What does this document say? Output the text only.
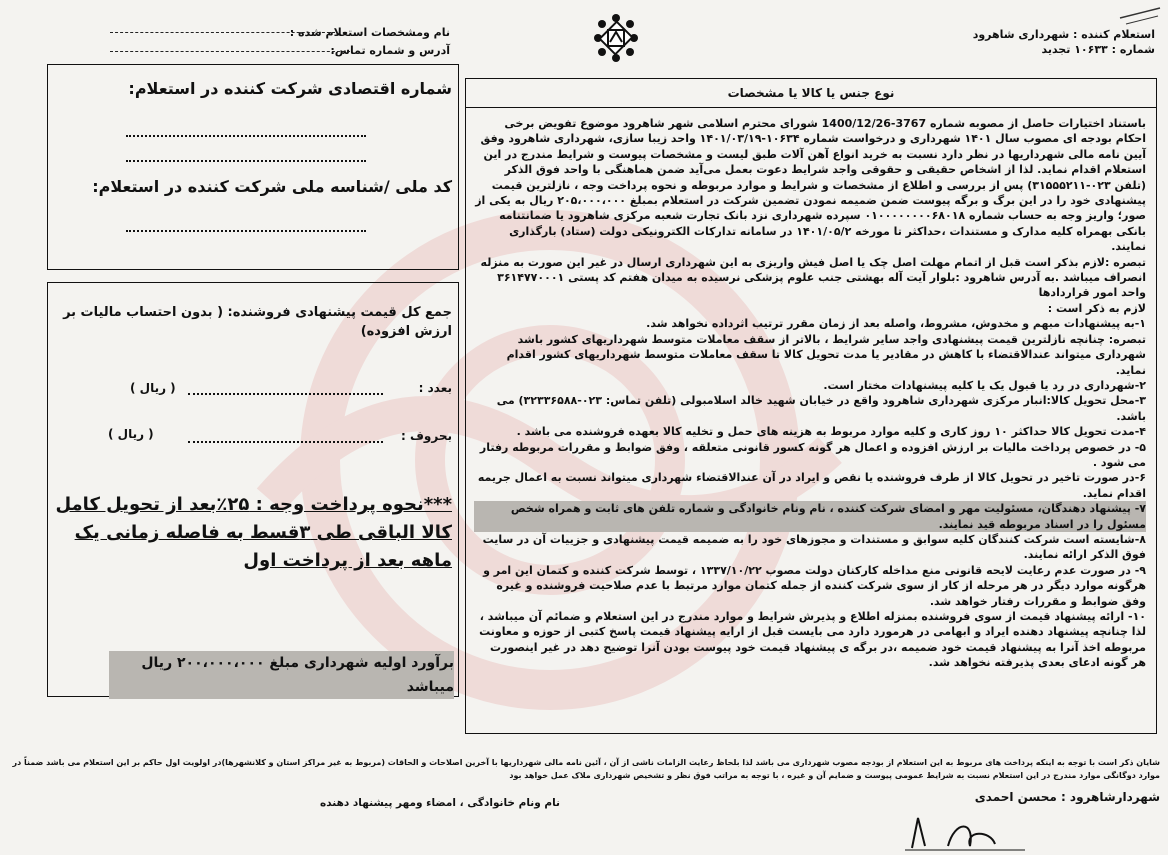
نام ومشخصات استعلام شده :
آدرس و شماره تماس:
استعلام کننده : شهرداری شاهرود
شماره : ۱۰۶۳۳ تجدید
نوع جنس یا کالا یا مشخصات

باستناد اختیارات حاصل از مصوبه شماره 3767-1400/12/26 شورای محترم اسلامی شهر شاهرود موضوع تفویض برخی احکام بودجه ای مصوب سال ۱۴۰۱ شهرداری و درخواست شماره ۱۰۶۳۴-۱۴۰۱/۰۳/۱۹ واحد زیبا سازی، شهرداری شاهرود وفق آیین نامه مالی شهرداریها در نظر دارد نسبت به خرید انواع آهن آلات طبق لیست و مشخصات پیوست و شرایط مندرج در این استعلام اقدام نماید. لذا از اشخاص حقیقی و حقوقی واجد شرایط دعوت بعمل می‌آید ضمن هماهنگی با واحد فوق الذکر (تلفن ۰۲۳-۳۱۵۵۵۲۱۱) پس از بررسی و اطلاع از مشخصات و شرایط و موارد مربوطه و نحوه پرداخت وجه ، نازلترین قیمت پیشنهادی خود را در این برگ و برگه پیوست ضمن ضمیمه نمودن تضمین شرکت در استعلام بمبلغ ۲۰۵،۰۰۰،۰۰۰ ریال به یکی از صور؛ واریز وجه به حساب شماره ۰۱۰۰۰۰۰۰۰۰۶۸۰۱۸ سپرده شهرداری نزد بانک تجارت شعبه مرکزی شاهرود یا ضمانتنامه بانکی بهمراه کلیه مدارک و مستندات ،حداکثر تا مورخه ۱۴۰۱/۰۵/۲ در سامانه تدارکات الکترونیکی دولت (ستاد) بارگذاری نمایند.

تبصره :لازم بذکر است قبل از اتمام مهلت اصل چک یا اصل فیش واریزی به این شهرداری ارسال در غیر این صورت به منزله انصراف میباشد .به آدرس شاهرود :بلوار آیت آله بهشتی جنب علوم پزشکی نرسیده به میدان هفتم کد پستی ۳۶۱۴۷۷۰۰۰۱ واحد امور قراردادها

لازم به ذکر است :

۱-به پیشنهادات مبهم و مخدوش، مشروط، واصله بعد از زمان مقرر ترتیب اثرداده نخواهد شد.

تبصره: چنانچه نازلترین قیمت پیشنهادی واجد سایر شرایط ، بالاتر از سقف معاملات متوسط شهرداریهای کشور باشد شهرداری میتواند عندالاقتضاء با کاهش در مقادیر یا مدت تحویل کالا تا سقف معاملات متوسط شهرداریهای کشور اقدام نماید.

۲-شهرداری در رد یا قبول یک یا کلیه پیشنهادات مختار است.

۳-محل تحویل کالا:انبار مرکزی شهرداری شاهرود واقع در خیابان شهید خالد اسلامبولی (تلفن تماس: ۰۲۳-۳۲۳۳۶۵۸۸) می باشد.

۴-مدت تحویل کالا حداکثر ۱۰ روز کاری و کلیه موارد مربوط به هزینه های حمل و تخلیه کالا بعهده فروشنده می باشد .

۵- در خصوص پرداخت مالیات بر ارزش افزوده و اعمال هر گونه کسور قانونی متعلقه ، وفق ضوابط و مقررات مربوطه رفتار می شود .

۶-در صورت تاخیر در تحویل کالا از طرف فروشنده یا نقص و ایراد در آن عندالاقتضاء شهرداری میتواند نسبت به اعمال جریمه اقدام نماید.

۷- پیشنهاد دهندگان، مسئولیت مهر و امضای شرکت کننده ، نام ونام خانوادگی و شماره تلفن های ثابت و همراه شخص مسئول را در اسناد مربوطه قید نمایند.

۸-شایسته است شرکت کنندگان کلیه سوابق و مستندات و مجوزهای خود را به ضمیمه قیمت پیشنهادی و جزییات آن در سایت فوق الذکر ارائه نمایند.

۹- در صورت عدم رعایت لایحه قانونی منع مداخله کارکنان دولت مصوب ۱۳۳۷/۱۰/۲۲ ، توسط شرکت کننده و کتمان این امر و هرگونه موارد دیگر در هر مرحله از کار از سوی شرکت کننده از جمله کتمان موارد مرتبط با عدم صلاحیت فروشنده و غیره وفق ضوابط و مقررات رفتار خواهد شد.

۱۰- ارائه پیشنهاد قیمت از سوی فروشنده بمنزله اطلاع و پذیرش شرایط و موارد مندرج در این استعلام و ضمائم آن میباشد ، لذا چنانچه پیشنهاد دهنده ایراد و ابهامی در هرمورد دارد می بایست قبل از ارایه پیشنهاد قیمت پاسخ کتبی از حوزه و معاونت مربوطه اخذ آنرا به پیشنهاد قیمت خود ضمیمه ،در برگه ی پیشنهاد قیمت خود پیوست بودن آنرا توضیح دهد در غیر اینصورت هر گونه ادعای بعدی پذیرفته نخواهد شد.

شماره اقتصادی شرکت کننده در استعلام:
کد ملی /شناسه ملی شرکت کننده در استعلام:
جمع کل قیمت پیشنهادی فروشنده: ( بدون احتساب مالیات بر ارزش افزوده)
بعدد :
( ریال )
بحروف :
( ریال )
***نحوه پرداخت وجه : ۲۵٪بعد از تحویل کامل کالا الباقی طی ۳قسط به فاصله زمانی یک ماهه بعد از پرداخت اول
برآورد اولیه شهرداری مبلغ ۲۰۰،۰۰۰،۰۰۰ ریال میباشد
شایان ذکر است با توجه به اینکه پرداخت های مربوط به این استعلام از بودجه مصوب شهرداری می باشد لذا بلحاظ رعایت الزامات ناشی از آن ، آئین نامه مالی شهرداریها با آخرین اصلاحات و الحاقات (مربوط به غیر مراکز استان و کلانشهرها)در اولویت اول حاکم بر این استعلام می باشد ضمناً در موارد دوگانگی موارد مندرج در این استعلام نسبت به شرایط عمومی پیوست و ضمایم آن و غیره ، با توجه به مراتب فوق نظر و تشخیص شهرداری ملاک عمل خواهد بود
نام ونام خانوادگی ، امضاء ومهر پیشنهاد دهنده	شهردارشاهرود : محسن احمدی
